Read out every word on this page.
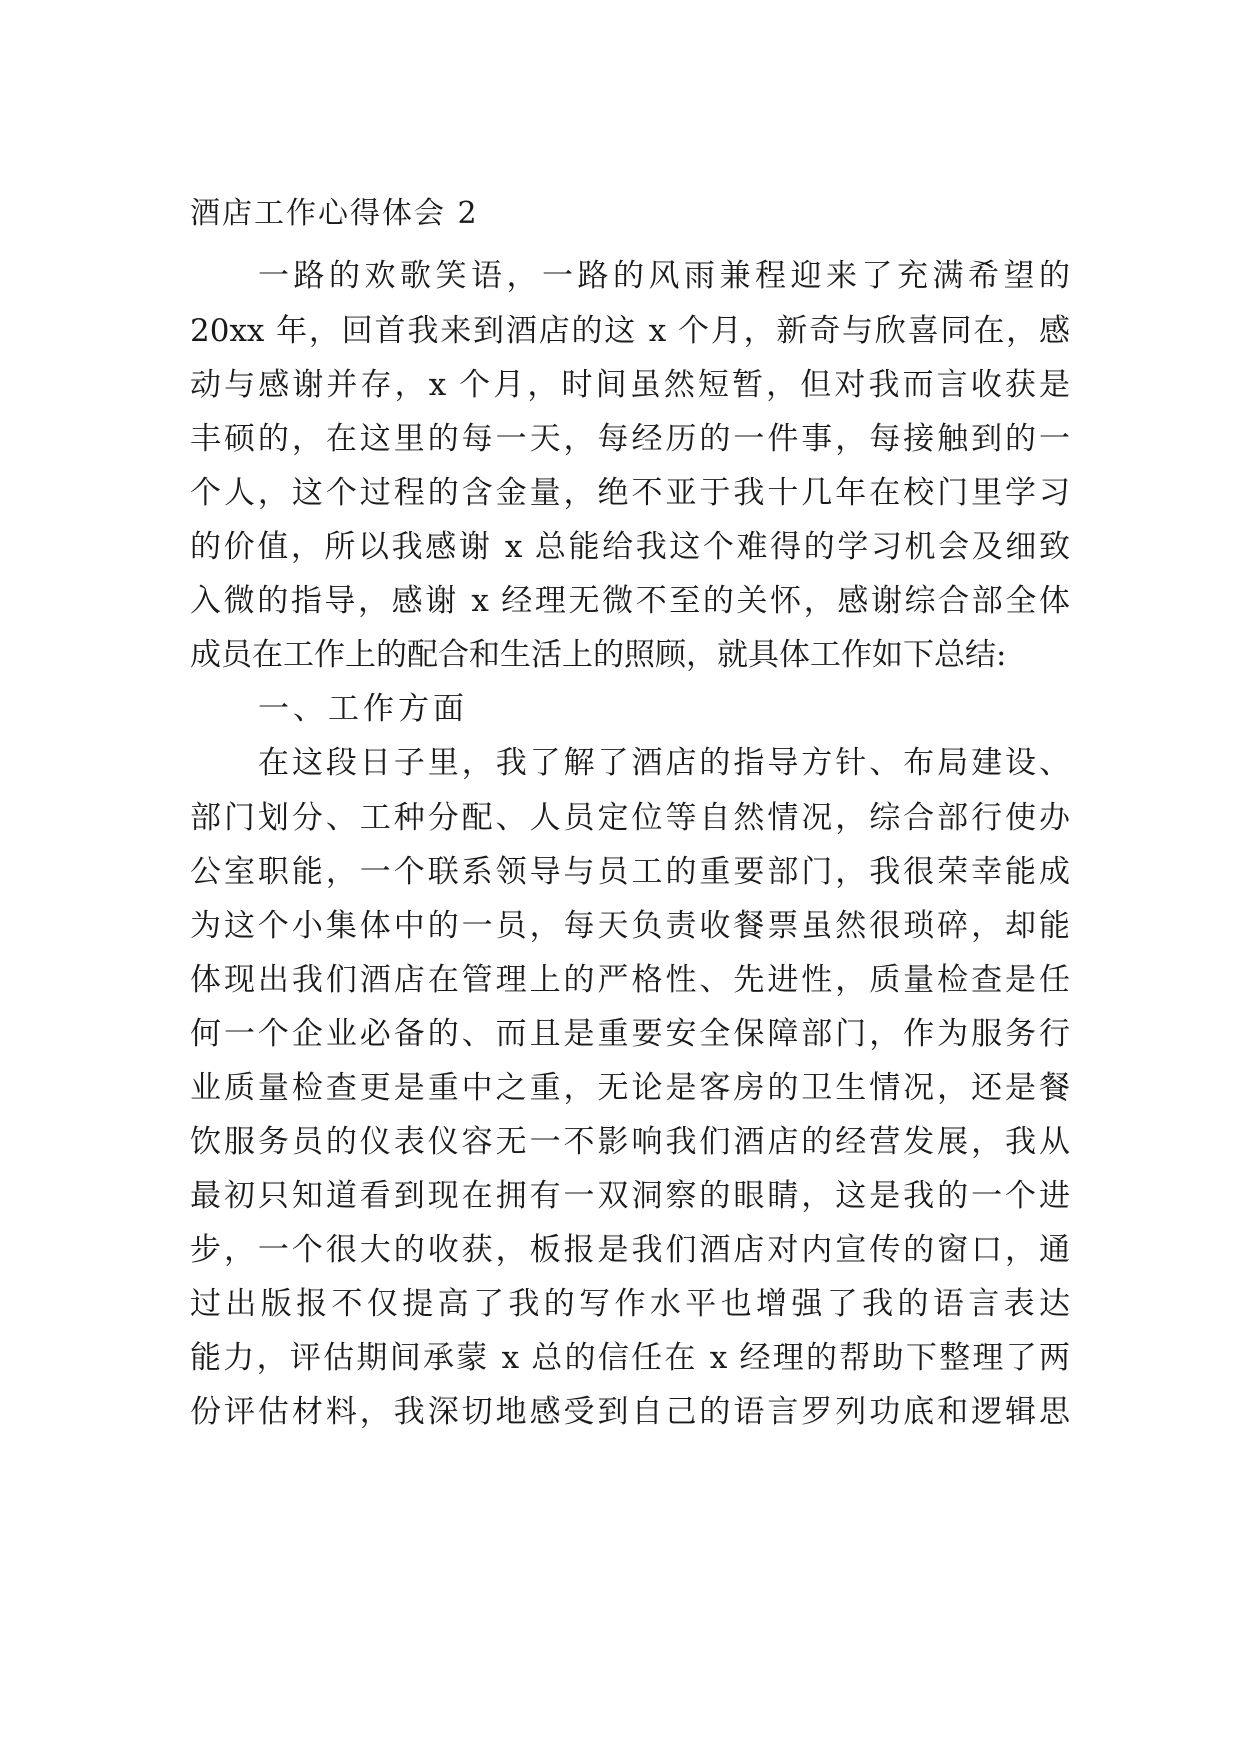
酒店工作心得体会 2
一路的欢歌笑语，一路的风雨兼程迎来了充满希望的
20xx 年，回首我来到酒店的这 x 个月，新奇与欣喜同在，感
动与感谢并存，x 个月，时间虽然短暂，但对我而言收获是
丰硕的，在这里的每一天，每经历的一件事，每接触到的一
个人，这个过程的含金量，绝不亚于我十几年在校门里学习
的价值，所以我感谢 x 总能给我这个难得的学习机会及细致
入微的指导，感谢 x 经理无微不至的关怀，感谢综合部全体
成员在工作上的配合和生活上的照顾，就具体工作如下总结:
一、工作方面
在这段日子里，我了解了酒店的指导方针、布局建设、
部门划分、工种分配、人员定位等自然情况，综合部行使办
公室职能，一个联系领导与员工的重要部门，我很荣幸能成
为这个小集体中的一员，每天负责收餐票虽然很琐碎，却能
体现出我们酒店在管理上的严格性、先进性，质量检查是任
何一个企业必备的、而且是重要安全保障部门，作为服务行
业质量检查更是重中之重，无论是客房的卫生情况，还是餐
饮服务员的仪表仪容无一不影响我们酒店的经营发展，我从
最初只知道看到现在拥有一双洞察的眼睛，这是我的一个进
步，一个很大的收获，板报是我们酒店对内宣传的窗口，通
过出版报不仅提高了我的写作水平也增强了我的语言表达
能力，评估期间承蒙 x 总的信任在 x 经理的帮助下整理了两
份评估材料，我深切地感受到自己的语言罗列功底和逻辑思
